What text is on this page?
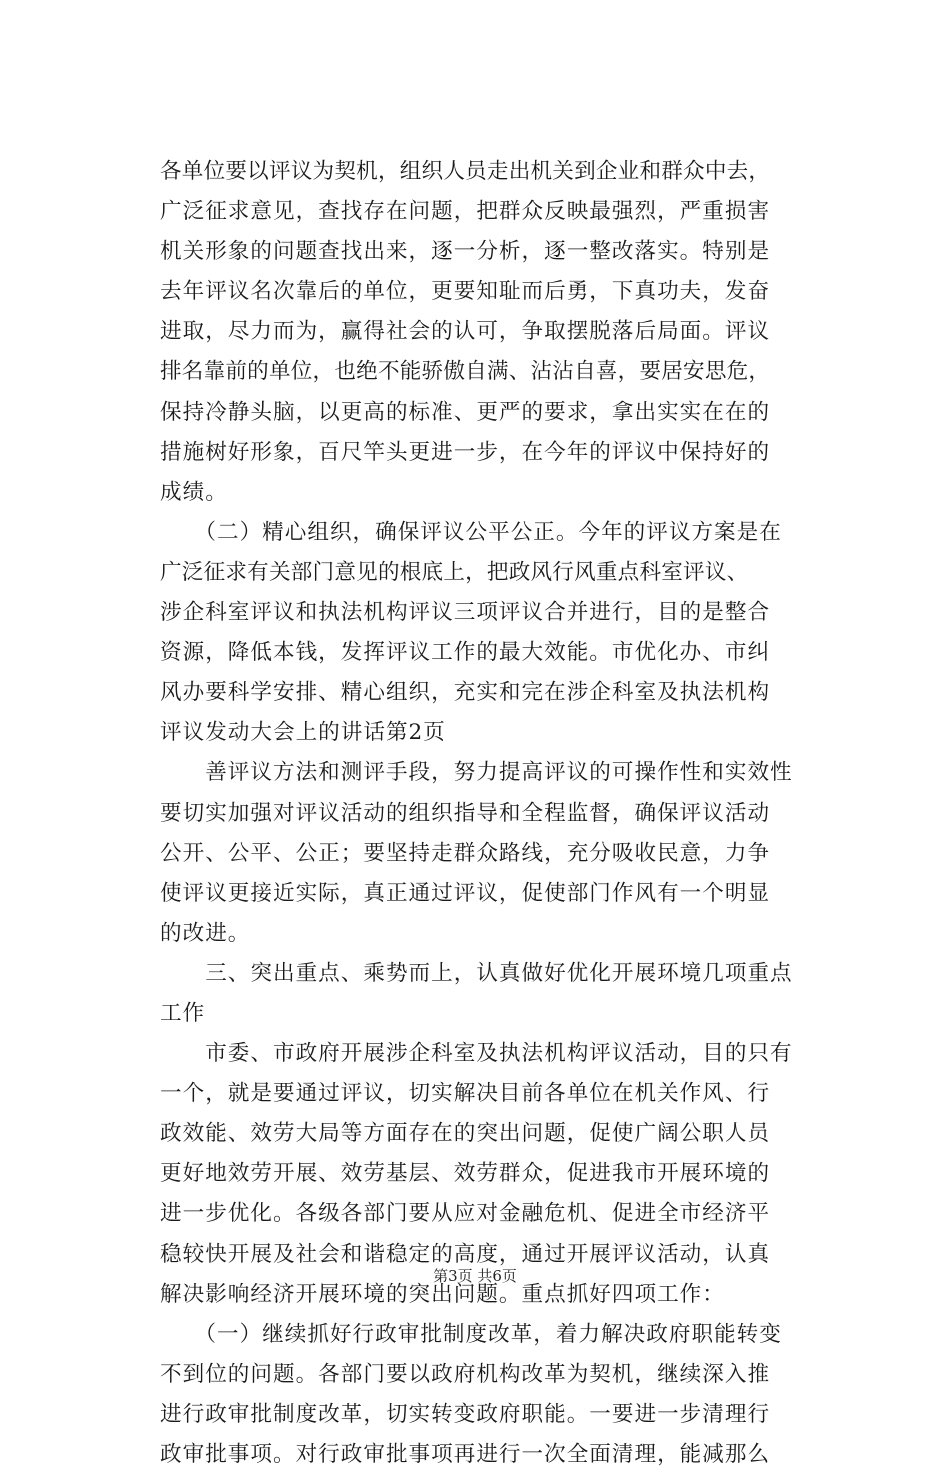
各单位要以评议为契机，组织人员走出机关到企业和群众中去，
广泛征求意见，查找存在问题，把群众反映最强烈，严重损害
机关形象的问题查找出来，逐一分析，逐一整改落实。特别是
去年评议名次靠后的单位，更要知耻而后勇，下真功夫，发奋
进取，尽力而为，赢得社会的认可，争取摆脱落后局面。评议
排名靠前的单位，也绝不能骄傲自满、沾沾自喜，要居安思危，
保持冷静头脑，以更高的标准、更严的要求，拿出实实在在的
措施树好形象，百尺竿头更进一步，在今年的评议中保持好的
成绩。
　　（二）精心组织，确保评议公平公正。今年的评议方案是在
广泛征求有关部门意见的根底上，把政风行风重点科室评议、
涉企科室评议和执法机构评议三项评议合并进行，目的是整合
资源，降低本钱，发挥评议工作的最大效能。市优化办、市纠
风办要科学安排、精心组织，充实和完在涉企科室及执法机构
评议发动大会上的讲话第2页
　　善评议方法和测评手段，努力提高评议的可操作性和实效性
要切实加强对评议活动的组织指导和全程监督，确保评议活动
公开、公平、公正；要坚持走群众路线，充分吸收民意，力争
使评议更接近实际，真正通过评议，促使部门作风有一个明显
的改进。
　　三、突出重点、乘势而上，认真做好优化开展环境几项重点
工作
　　市委、市政府开展涉企科室及执法机构评议活动，目的只有
一个，就是要通过评议，切实解决目前各单位在机关作风、行
政效能、效劳大局等方面存在的突出问题，促使广阔公职人员
更好地效劳开展、效劳基层、效劳群众，促进我市开展环境的
进一步优化。各级各部门要从应对金融危机、促进全市经济平
稳较快开展及社会和谐稳定的高度，通过开展评议活动，认真
解决影响经济开展环境的突出问题。重点抓好四项工作：
　　（一）继续抓好行政审批制度改革，着力解决政府职能转变
不到位的问题。各部门要以政府机构改革为契机，继续深入推
进行政审批制度改革，切实转变政府职能。一要进一步清理行
政审批事项。对行政审批事项再进行一次全面清理，能减那么
第3页 共6页
